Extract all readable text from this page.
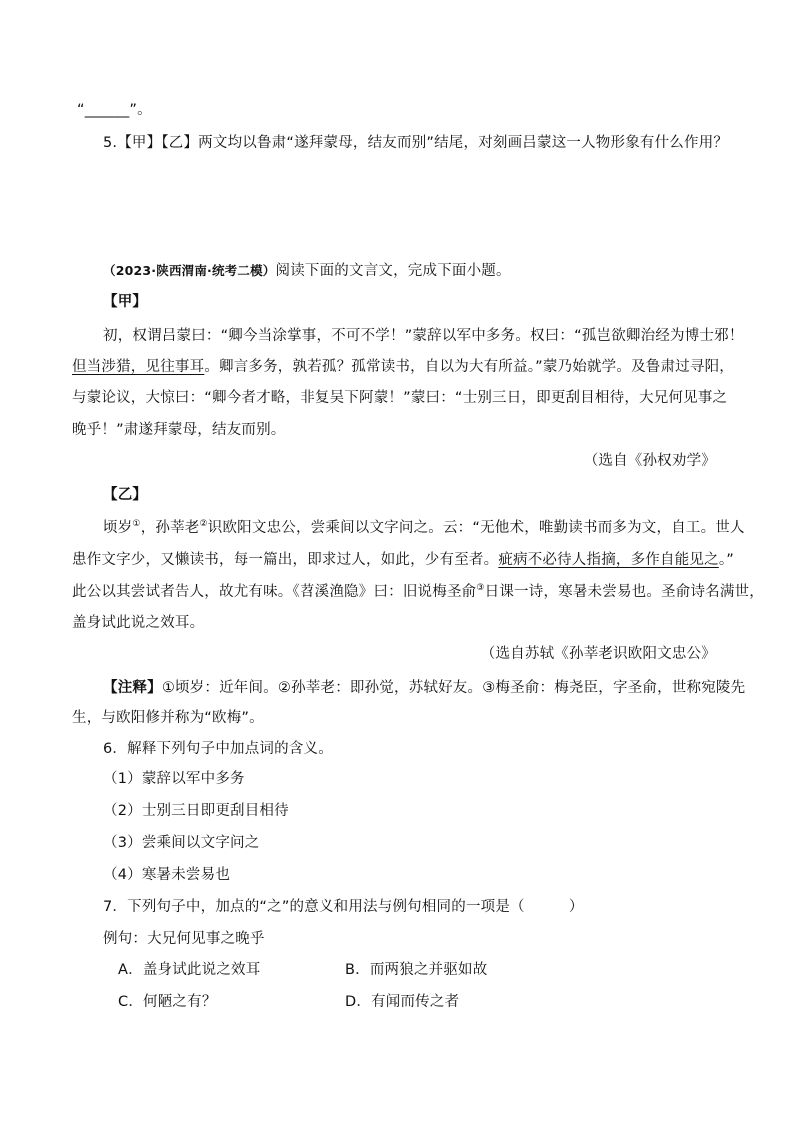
“______”。
5.【甲】【乙】两文均以鲁肃“遂拜蒙母，结友而别”结尾，对刻画吕蒙这一人物形象有什么作用？
（2023·陕西渭南·统考二模）阅读下面的文言文，完成下面小题。
【甲】
初，权谓吕蒙曰：“卿今当涂掌事，不可不学！”蒙辞以军中多务。权曰：“孤岂欲卿治经为博士邪！
但当涉猎，见往事耳。卿言多务，孰若孤？孤常读书，自以为大有所益。”蒙乃始就学。及鲁肃过寻阳，
与蒙论议，大惊曰：“卿今者才略，非复吴下阿蒙！”蒙曰：“士别三日，即更刮目相待，大兄何见事之
晚乎！”肃遂拜蒙母，结友而别。
（选自《孙权劝学》
【乙】
顷岁①，孙莘老②识欧阳文忠公，尝乘间以文字问之。云：“无他术，唯勤读书而多为文，自工。世人
患作文字少，又懒读书，每一篇出，即求过人，如此，少有至者。疵病不必待人指摘，多作自能见之。”
此公以其尝试者告人，故尤有味。《苕溪渔隐》曰：旧说梅圣俞③日课一诗，寒暑未尝易也。圣俞诗名满世，
盖身试此说之效耳。
（选自苏轼《孙莘老识欧阳文忠公》
【注释】①顷岁：近年间。②孙莘老：即孙觉，苏轼好友。③梅圣俞：梅尧臣，字圣俞，世称宛陵先
生，与欧阳修并称为“欧梅”。
6．解释下列句子中加点词的含义。
（1）蒙辞以军中多务
（2）士别三日即更刮目相待
（3）尝乘间以文字问之
（4）寒暑未尝易也
7．下列句子中，加点的“之”的意义和用法与例句相同的一项是（　　　）
例句：大兄何见事之晚乎
A．盖身试此说之效耳	B．而两狼之并驱如故
C．何陋之有？	D．有闻而传之者
